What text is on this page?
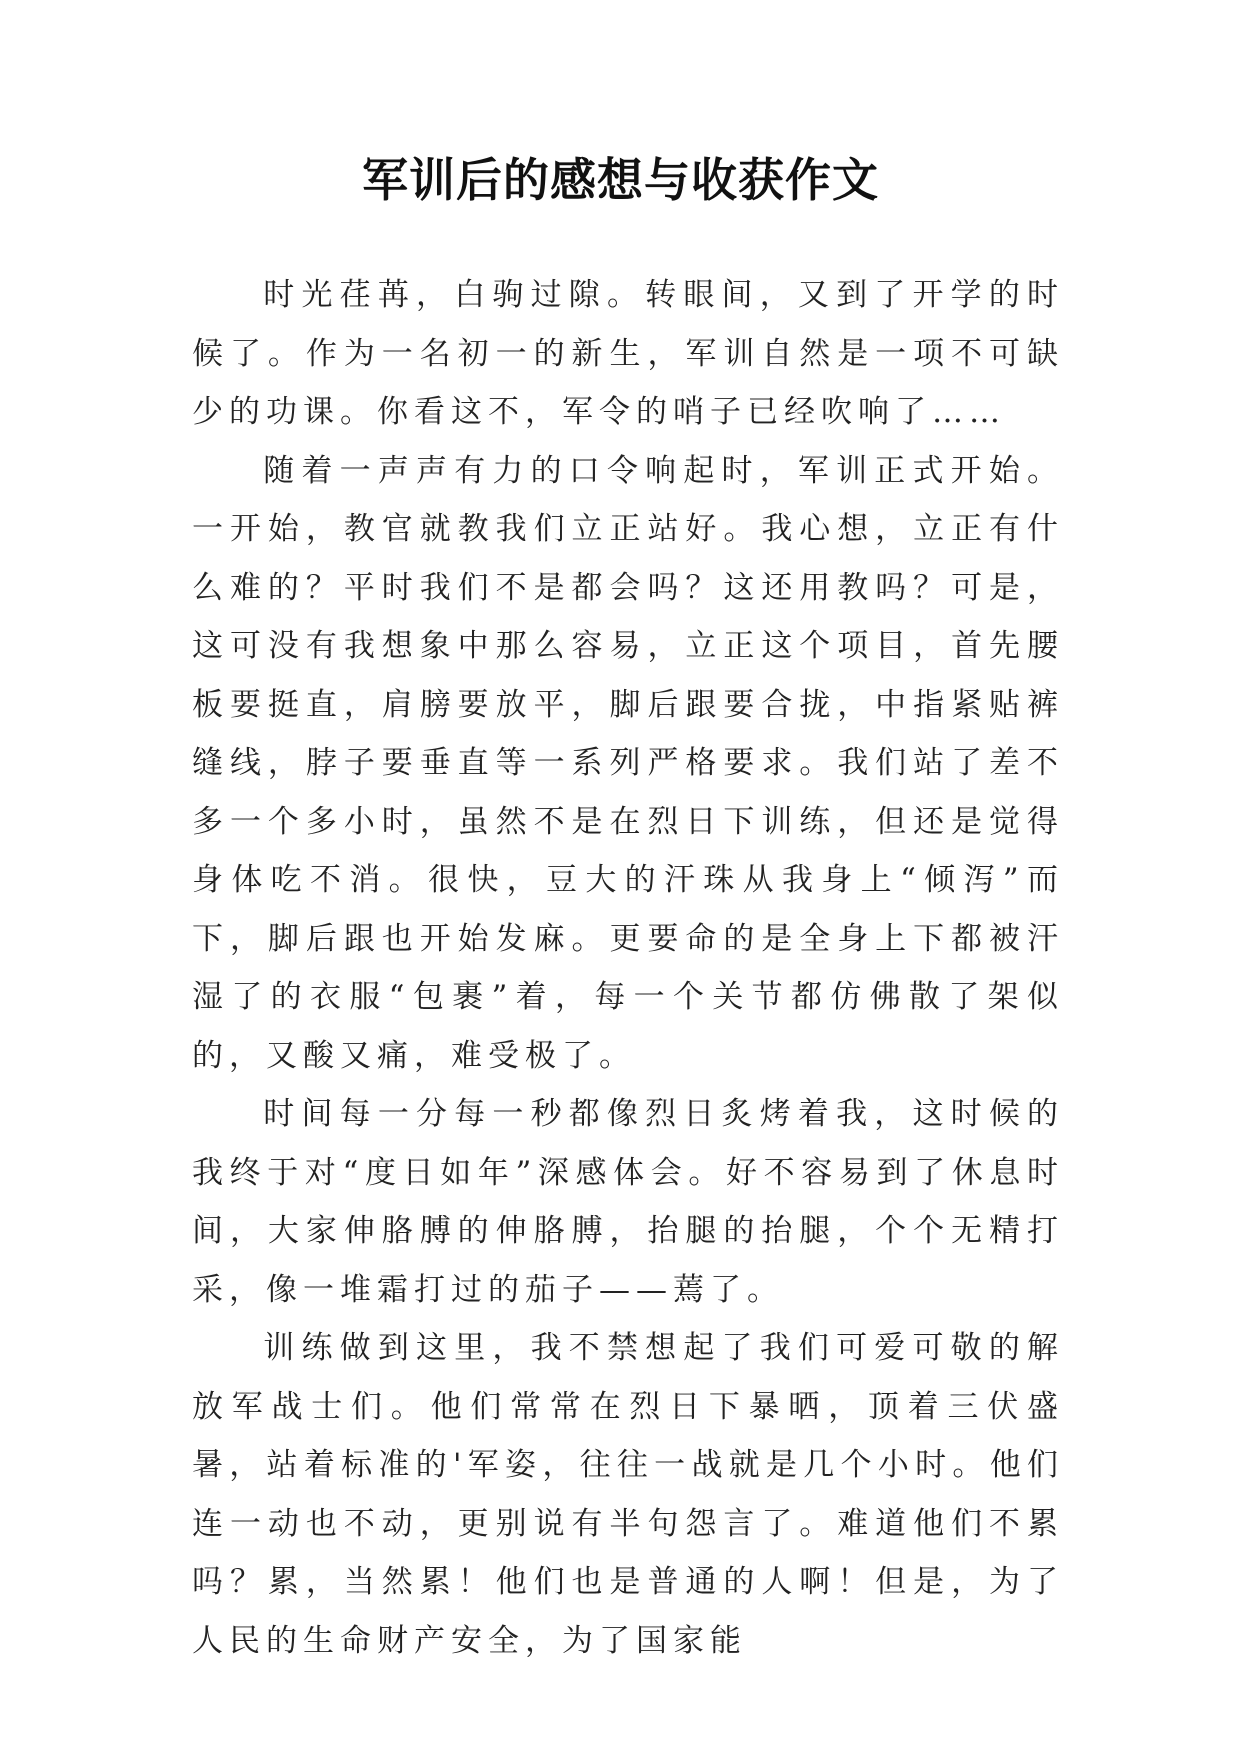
军训后的感想与收获作文

时光荏苒，白驹过隙。转眼间，又到了开学的时候了。作为一名初一的新生，军训自然是一项不可缺少的功课。你看这不，军令的哨子已经吹响了……

随着一声声有力的口令响起时，军训正式开始。一开始，教官就教我们立正站好。我心想，立正有什么难的？平时我们不是都会吗？这还用教吗？可是，这可没有我想象中那么容易，立正这个项目，首先腰板要挺直，肩膀要放平，脚后跟要合拢，中指紧贴裤缝线，脖子要垂直等一系列严格要求。我们站了差不多一个多小时，虽然不是在烈日下训练，但还是觉得身体吃不消。很快，豆大的汗珠从我身上“倾泻”而下，脚后跟也开始发麻。更要命的是全身上下都被汗湿了的衣服“包裹”着，每一个关节都仿佛散了架似的，又酸又痛，难受极了。

时间每一分每一秒都像烈日炙烤着我，这时候的我终于对“度日如年”深感体会。好不容易到了休息时间，大家伸胳膊的伸胳膊，抬腿的抬腿，个个无精打采，像一堆霜打过的茄子——蔫了。

训练做到这里，我不禁想起了我们可爱可敬的解放军战士们。他们常常在烈日下暴晒，顶着三伏盛暑，站着标准的'军姿，往往一战就是几个小时。他们连一动也不动，更别说有半句怨言了。难道他们不累吗？累，当然累！他们也是普通的人啊！但是，为了人民的生命财产安全，为了国家能
